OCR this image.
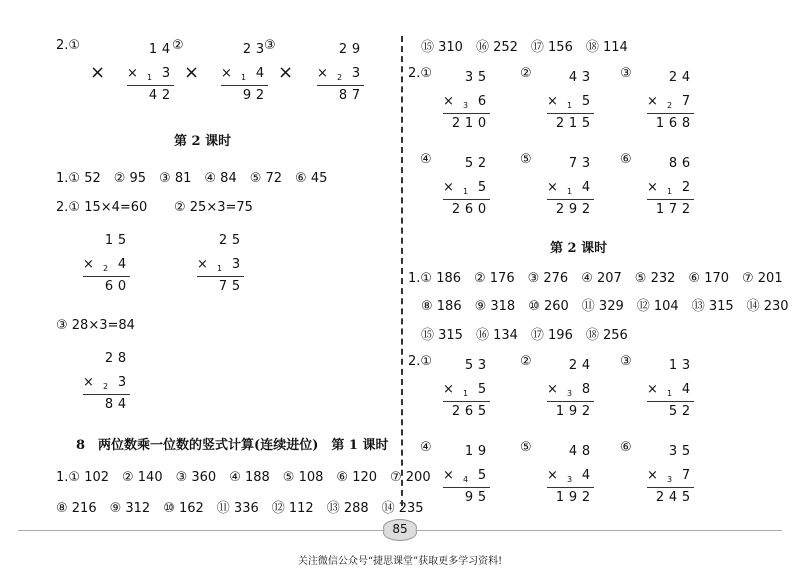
2.①	②	③
×	×	×
1 4
× 1 3
4 2
2 3
× 1 4
9 2
2 9
× 2 3
8 7
第 2 课时
1.① 52　② 95　③ 81　④ 84　⑤ 72　⑥ 45
2.① 15×4=60 ② 25×3=75
1 5
× 2 4
6 0
2 5
× 1 3
7 5
③ 28×3=84
2 8
× 2 3
8 4
8　两位数乘一位数的竖式计算(连续进位)　第 1 课时
1.① 102　② 140　③ 360　④ 188　⑤ 108　⑥ 120　⑦ 200
⑧ 216　⑨ 312　⑩ 162　⑪ 336　⑫ 112　⑬ 288　⑭ 235
⑮ 310　⑯ 252　⑰ 156　⑱ 114
2.①	②	③
3 5
× 3 6
2 1 0
4 3
× 1 5
2 1 5
2 4
× 2 7
1 6 8
④	⑤	⑥
5 2
× 1 5
2 6 0
7 3
× 1 4
2 9 2
8 6
× 1 2
1 7 2
第 2 课时
1.① 186　② 176　③ 276　④ 207　⑤ 232　⑥ 170　⑦ 201
⑧ 186　⑨ 318　⑩ 260　⑪ 329　⑫ 104　⑬ 315　⑭ 230
⑮ 315　⑯ 134　⑰ 196　⑱ 256
2.①	②	③
5 3
× 1 5
2 6 5
2 4
× 3 8
1 9 2
1 3
× 1 4
5 2
④	⑤	⑥
1 9
× 4 5
9 5
4 8
× 3 4
1 9 2
3 5
× 3 7
2 4 5
85
关注微信公众号“捷思课堂”获取更多学习资料!
